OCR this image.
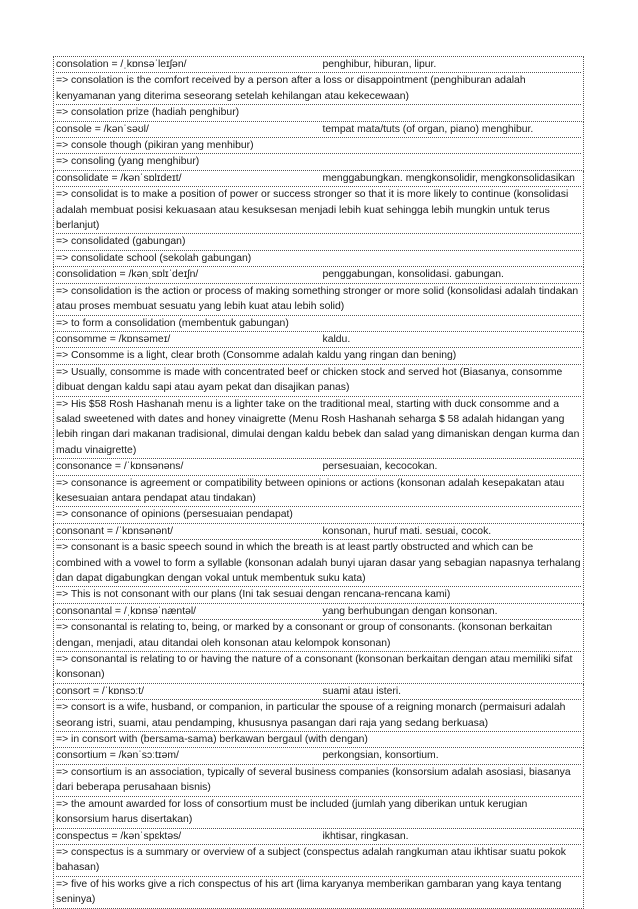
consolation = /ˌkɒnsəˈleɪʃən/	penghibur, hiburan, lipur.
=> consolation is the comfort received by a person after a loss or disappointment (penghiburan adalah kenyamanan yang diterima seseorang setelah kehilangan atau kekecewaan)
=> consolation prize (hadiah penghibur)
console = /kənˈsəʊl/	tempat mata/tuts (of organ, piano) menghibur.
=> console though (pikiran yang menhibur)
=> consoling (yang menghibur)
consolidate = /kənˈsɒlɪdeɪt/	menggabungkan. mengkonsolidir, mengkonsolidasikan
=> consolidat is to make a position of power or success stronger so that it is more likely to continue (konsolidasi adalah membuat posisi kekuasaan atau kesuksesan menjadi lebih kuat sehingga lebih mungkin untuk terus berlanjut)
=> consolidated (gabungan)
=> consolidate school (sekolah gabungan)
consolidation = /kənˌsɒlɪˈdeɪʃn/	penggabungan, konsolidasi. gabungan.
=> consolidation is the action or process of making something stronger or more solid (konsolidasi adalah tindakan atau proses membuat sesuatu yang lebih kuat atau lebih solid)
=> to form a consolidation (membentuk gabungan)
consomme = /kɒnsəmeɪ/	kaldu.
=> Consomme is a light, clear broth (Consomme adalah kaldu yang ringan dan bening)
=> Usually, consomme is made with concentrated beef or chicken stock and served hot (Biasanya, consomme dibuat dengan kaldu sapi atau ayam pekat dan disajikan panas)
=> His $58 Rosh Hashanah menu is a lighter take on the traditional meal, starting with duck consomme and a salad sweetened with dates and honey vinaigrette (Menu Rosh Hashanah seharga $ 58 adalah hidangan yang lebih ringan dari makanan tradisional, dimulai dengan kaldu bebek dan salad yang dimaniskan dengan kurma dan madu vinaigrette)
consonance = /ˈkɒnsənəns/	persesuaian, kecocokan.
=> consonance is agreement or compatibility between opinions or actions (konsonan adalah kesepakatan atau kesesuaian antara pendapat atau tindakan)
=> consonance of opinions (persesuaian pendapat)
consonant = /ˈkɒnsənənt/	konsonan, huruf mati. sesuai, cocok.
=> consonant is a basic speech sound in which the breath is at least partly obstructed and which can be combined with a vowel to form a syllable (konsonan adalah bunyi ujaran dasar yang sebagian napasnya terhalang dan dapat digabungkan dengan vokal untuk membentuk suku kata)
=> This is not consonant with our plans (Ini tak sesuai dengan rencana-rencana kami)
consonantal = /ˌkɒnsəˈnæntəl/	yang berhubungan dengan konsonan.
=> consonantal is relating to, being, or marked by a consonant or group of consonants. (konsonan berkaitan dengan, menjadi, atau ditandai oleh konsonan atau kelompok konsonan)
=> consonantal is relating to or having the nature of a consonant (konsonan berkaitan dengan atau memiliki sifat konsonan)
consort = /ˈkɒnsɔːt/	suami atau isteri.
=> consort is a wife, husband, or companion, in particular the spouse of a reigning monarch (permaisuri adalah seorang istri, suami, atau pendamping, khususnya pasangan dari raja yang sedang berkuasa)
=> in consort with (bersama-sama) berkawan bergaul (with dengan)
consortium = /kənˈsɔːtɪəm/	perkongsian, konsortium.
=> consortium is an association, typically of several business companies (konsorsium adalah asosiasi, biasanya dari beberapa perusahaan bisnis)
=> the amount awarded for loss of consortium must be included (jumlah yang diberikan untuk kerugian konsorsium harus disertakan)
conspectus = /kənˈspɛktəs/	ikhtisar, ringkasan.
=> conspectus is a summary or overview of a subject (conspectus adalah rangkuman atau ikhtisar suatu pokok bahasan)
=> five of his works give a rich conspectus of his art (lima karyanya memberikan gambaran yang kaya tentang seninya)
